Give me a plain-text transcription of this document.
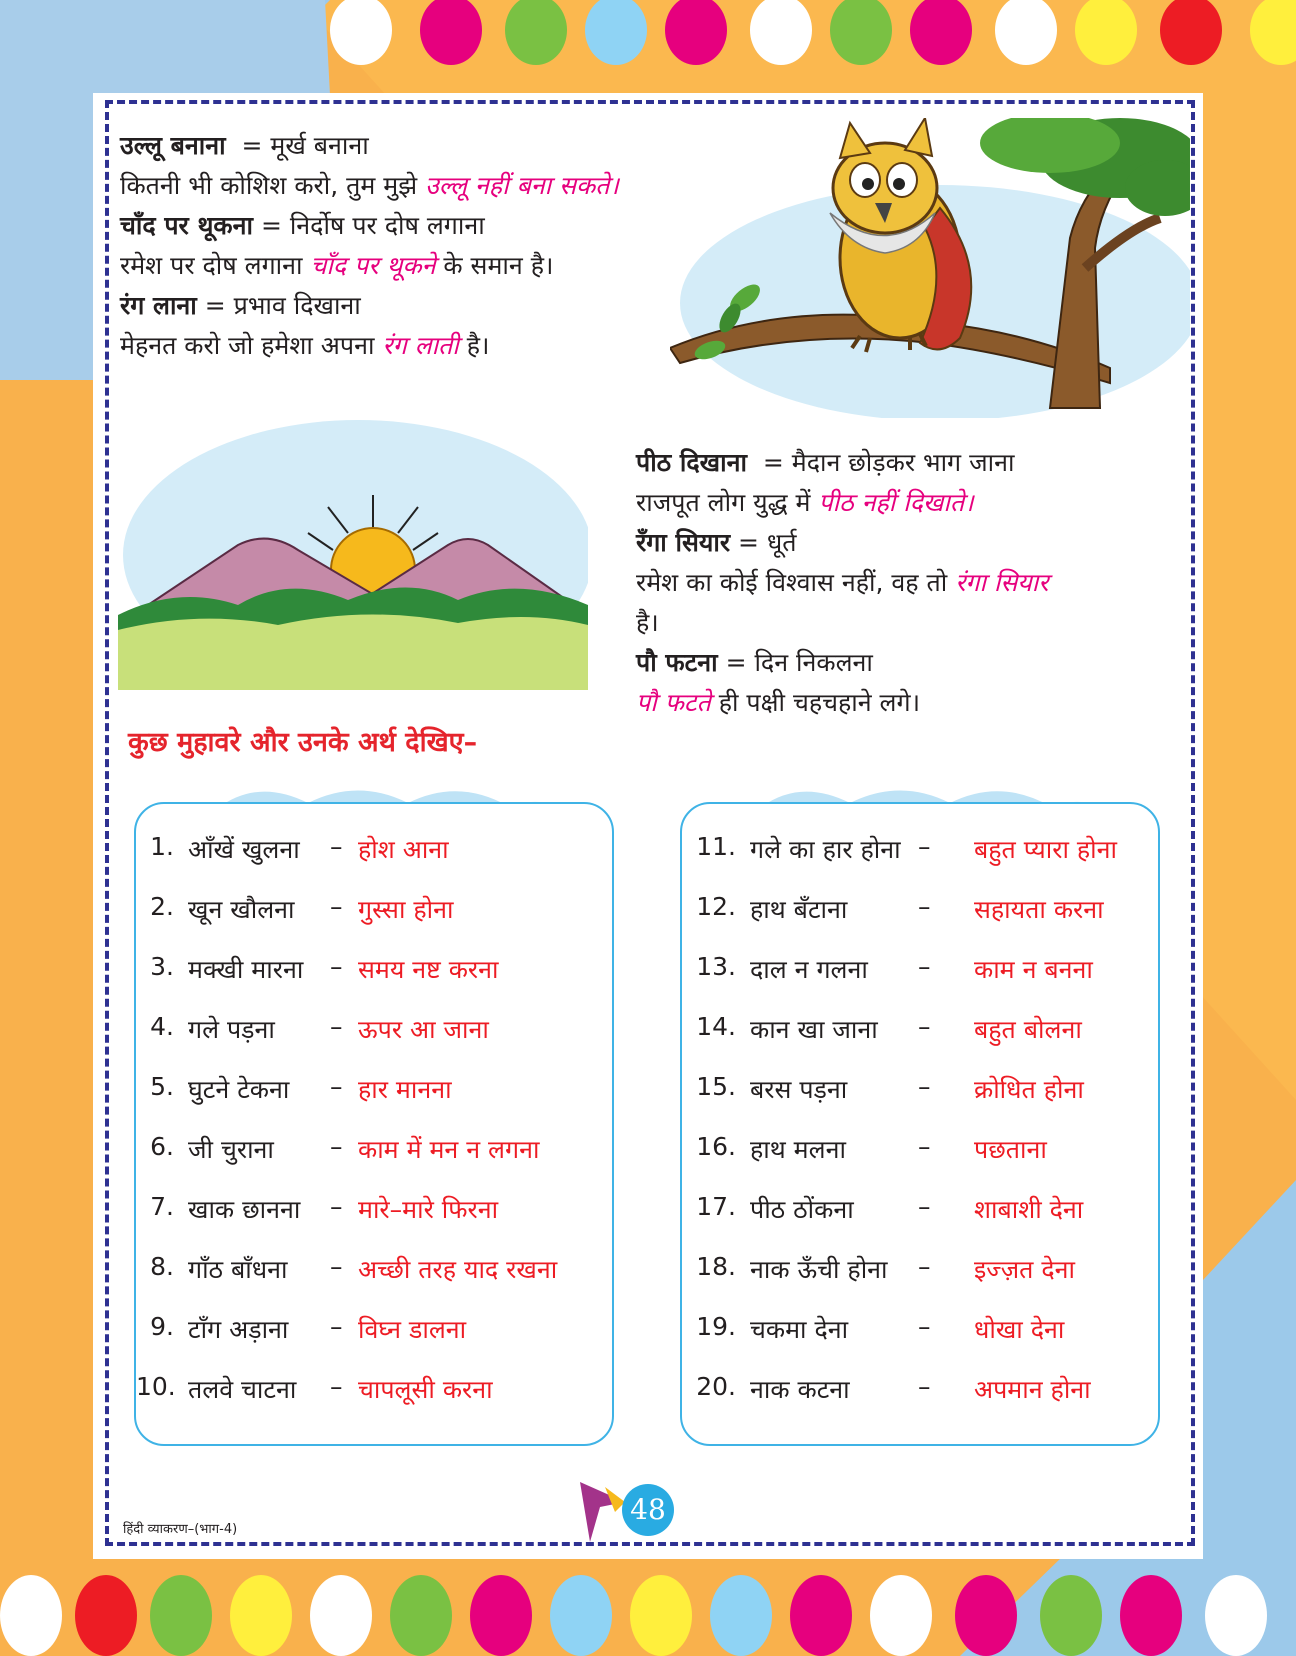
उल्लू बनाना = मूर्ख बनाना
कितनी भी कोशिश करो, तुम मुझे उल्लू नहीं बना सकते।
चाँद पर थूकना = निर्दोष पर दोष लगाना
रमेश पर दोष लगाना चाँद पर थूकने के समान है।
रंग लाना = प्रभाव दिखाना
मेहनत करो जो हमेशा अपना रंग लाती है।
पीठ दिखाना = मैदान छोड़कर भाग जाना
राजपूत लोग युद्ध में पीठ नहीं दिखाते।
रँगा सियार = धूर्त
रमेश का कोई विश्वास नहीं, वह तो रंगा सियार
है।
पौ फटना = दिन निकलना
पौ फटते ही पक्षी चहचहाने लगे।
कुछ मुहावरे और उनके अर्थ देखिए–
1. आँखें खुलना – होश आना
2. खून खौलना – गुस्सा होना
3. मक्खी मारना – समय नष्ट करना
4. गले पड़ना – ऊपर आ जाना
5. घुटने टेकना – हार मानना
6. जी चुराना – काम में मन न लगना
7. खाक छानना – मारे–मारे फिरना
8. गाँठ बाँधना – अच्छी तरह याद रखना
9. टाँग अड़ाना – विघ्न डालना
10. तलवे चाटना – चापलूसी करना
11. गले का हार होना – बहुत प्यारा होना
12. हाथ बँटाना	– सहायता करना
13. दाल न गलना – काम न बनना
14. कान खा जाना – बहुत बोलना
15. बरस पड़ना	– क्रोधित होना
16. हाथ मलना	– पछताना
17. पीठ ठोंकना	– शाबाशी देना
18. नाक ऊँची होना – इज्ज़त देना
19. चकमा देना	– धोखा देना
20. नाक कटना	– अपमान होना
हिंदी व्याकरण–(भाग-4)
48
